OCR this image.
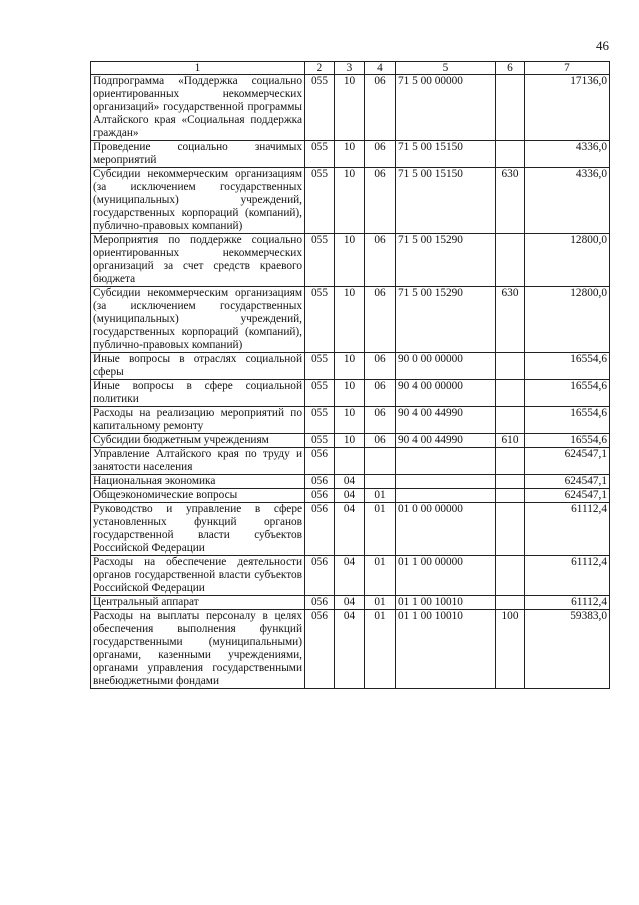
46
1	2	3	4	5	6	7
Подпрограмма «Поддержка социально ориентированных некоммерческих организаций» государственной программы Алтайского края «Социальная поддержка граждан»	055	10	06	71 5 00 00000		17136,0
Проведение социально значимых мероприятий	055	10	06	71 5 00 15150		4336,0
Субсидии некоммерческим организациям (за исключением государственных (муниципальных) учреждений, государственных корпораций (компаний), публично-правовых компаний)	055	10	06	71 5 00 15150	630	4336,0
Мероприятия по поддержке социально ориентированных некоммерческих организаций за счет средств краевого бюджета	055	10	06	71 5 00 15290		12800,0
Субсидии некоммерческим организациям (за исключением государственных (муниципальных) учреждений, государственных корпораций (компаний), публично-правовых компаний)	055	10	06	71 5 00 15290	630	12800,0
Иные вопросы в отраслях социальной сферы	055	10	06	90 0 00 00000		16554,6
Иные вопросы в сфере социальной политики	055	10	06	90 4 00 00000		16554,6
Расходы на реализацию мероприятий по капитальному ремонту	055	10	06	90 4 00 44990		16554,6
Субсидии бюджетным учреждениям	055	10	06	90 4 00 44990	610	16554,6
Управление Алтайского края по труду и занятости населения	056					624547,1
Национальная экономика	056	04				624547,1
Общеэкономические вопросы	056	04	01			624547,1
Руководство и управление в сфере установленных функций органов государственной власти субъектов Российской Федерации	056	04	01	01 0 00 00000		61112,4
Расходы на обеспечение деятельности органов государственной власти субъектов Российской Федерации	056	04	01	01 1 00 00000		61112,4
Центральный аппарат	056	04	01	01 1 00 10010		61112,4
Расходы на выплаты персоналу в целях обеспечения выполнения функций государственными (муниципальными) органами, казенными учреждениями, органами управления государственными внебюджетными фондами	056	04	01	01 1 00 10010	100	59383,0
